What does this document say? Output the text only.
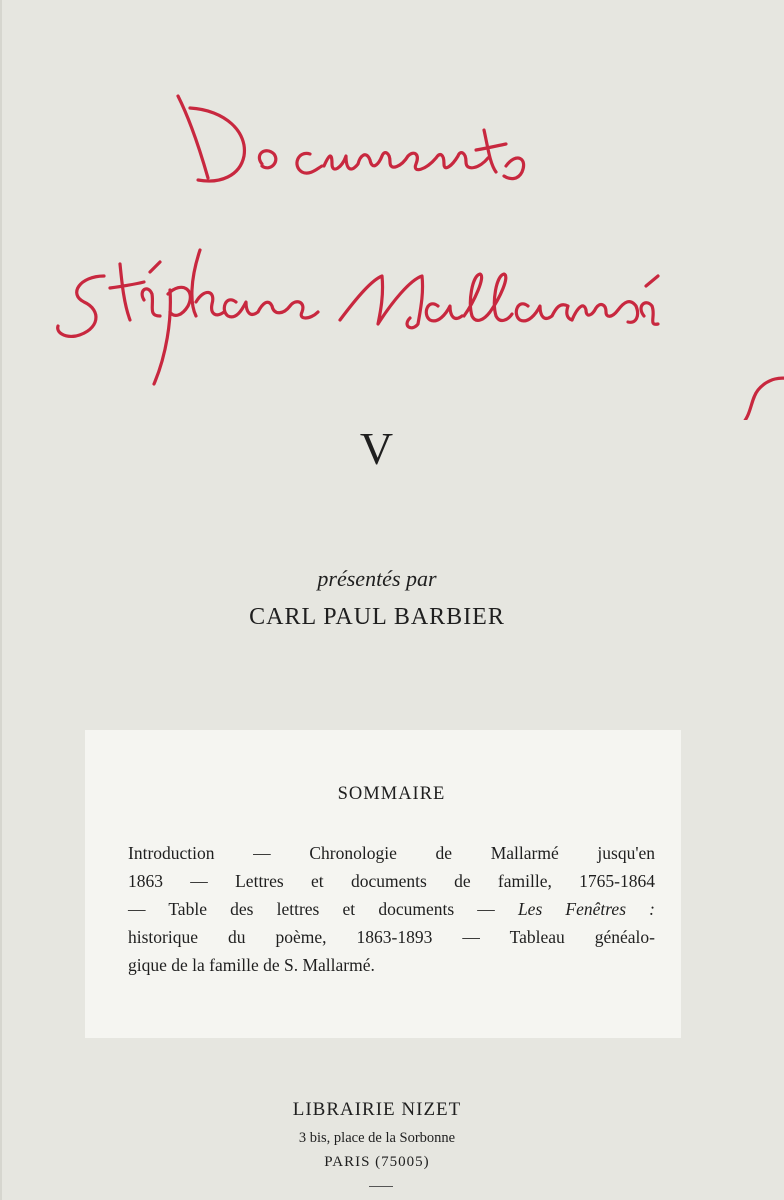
V
présentés par
CARL PAUL BARBIER
SOMMAIRE
Introduction — Chronologie de Mallarmé jusqu'en
1863 — Lettres et documents de famille, 1765-1864
— Table des lettres et documents — Les Fenêtres :
historique du poème, 1863-1893 — Tableau généalo-
gique de la famille de S. Mallarmé.
LIBRAIRIE NIZET
3 bis, place de la Sorbonne
PARIS (75005)
